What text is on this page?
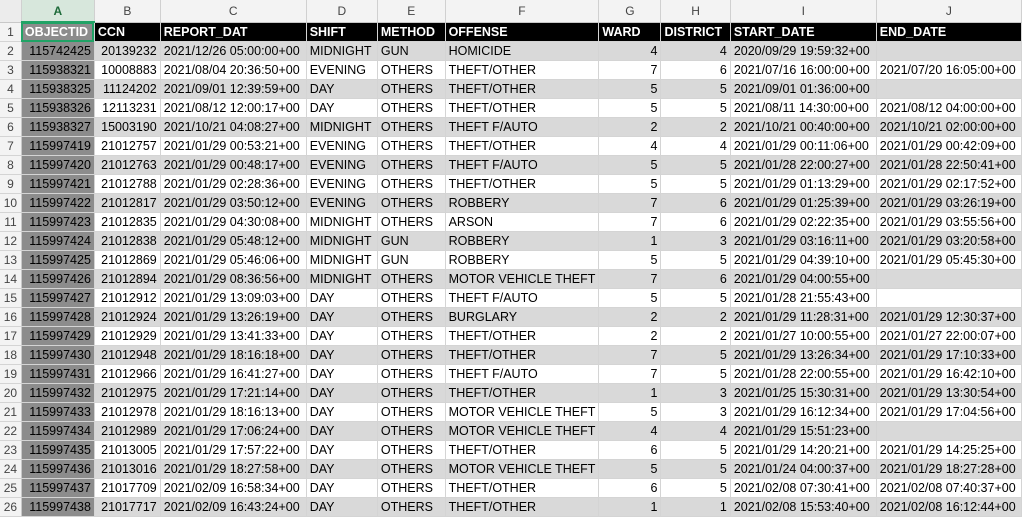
	A	B	C	D	E	F	G	H	I	J
1	OBJECTID	CCN	REPORT_DAT	SHIFT	METHOD	OFFENSE	WARD	DISTRICT	START_DATE	END_DATE
2	115742425	20139232	2021/12/26 05:00:00+00	MIDNIGHT	GUN	HOMICIDE	4	4	2020/09/29 19:59:32+00	
3	115938321	10008883	2021/08/04 20:36:50+00	EVENING	OTHERS	THEFT/OTHER	7	6	2021/07/16 16:00:00+00	2021/07/20 16:05:00+00
4	115938325	11124202	2021/09/01 12:39:59+00	DAY	OTHERS	THEFT/OTHER	5	5	2021/09/01 01:36:00+00	
5	115938326	12113231	2021/08/12 12:00:17+00	DAY	OTHERS	THEFT/OTHER	5	5	2021/08/11 14:30:00+00	2021/08/12 04:00:00+00
6	115938327	15003190	2021/10/21 04:08:27+00	MIDNIGHT	OTHERS	THEFT F/AUTO	2	2	2021/10/21 00:40:00+00	2021/10/21 02:00:00+00
7	115997419	21012757	2021/01/29 00:53:21+00	EVENING	OTHERS	THEFT/OTHER	4	4	2021/01/29 00:11:06+00	2021/01/29 00:42:09+00
8	115997420	21012763	2021/01/29 00:48:17+00	EVENING	OTHERS	THEFT F/AUTO	5	5	2021/01/28 22:00:27+00	2021/01/28 22:50:41+00
9	115997421	21012788	2021/01/29 02:28:36+00	EVENING	OTHERS	THEFT/OTHER	5	5	2021/01/29 01:13:29+00	2021/01/29 02:17:52+00
10	115997422	21012817	2021/01/29 03:50:12+00	EVENING	OTHERS	ROBBERY	7	6	2021/01/29 01:25:39+00	2021/01/29 03:26:19+00
11	115997423	21012835	2021/01/29 04:30:08+00	MIDNIGHT	OTHERS	ARSON	7	6	2021/01/29 02:22:35+00	2021/01/29 03:55:56+00
12	115997424	21012838	2021/01/29 05:48:12+00	MIDNIGHT	GUN	ROBBERY	1	3	2021/01/29 03:16:11+00	2021/01/29 03:20:58+00
13	115997425	21012869	2021/01/29 05:46:06+00	MIDNIGHT	GUN	ROBBERY	5	5	2021/01/29 04:39:10+00	2021/01/29 05:45:30+00
14	115997426	21012894	2021/01/29 08:36:56+00	MIDNIGHT	OTHERS	MOTOR VEHICLE THEFT	7	6	2021/01/29 04:00:55+00	
15	115997427	21012912	2021/01/29 13:09:03+00	DAY	OTHERS	THEFT F/AUTO	5	5	2021/01/28 21:55:43+00	
16	115997428	21012924	2021/01/29 13:26:19+00	DAY	OTHERS	BURGLARY	2	2	2021/01/29 11:28:31+00	2021/01/29 12:30:37+00
17	115997429	21012929	2021/01/29 13:41:33+00	DAY	OTHERS	THEFT/OTHER	2	2	2021/01/27 10:00:55+00	2021/01/27 22:00:07+00
18	115997430	21012948	2021/01/29 18:16:18+00	DAY	OTHERS	THEFT/OTHER	7	5	2021/01/29 13:26:34+00	2021/01/29 17:10:33+00
19	115997431	21012966	2021/01/29 16:41:27+00	DAY	OTHERS	THEFT F/AUTO	7	5	2021/01/28 22:00:55+00	2021/01/29 16:42:10+00
20	115997432	21012975	2021/01/29 17:21:14+00	DAY	OTHERS	THEFT/OTHER	1	3	2021/01/25 15:30:31+00	2021/01/29 13:30:54+00
21	115997433	21012978	2021/01/29 18:16:13+00	DAY	OTHERS	MOTOR VEHICLE THEFT	5	3	2021/01/29 16:12:34+00	2021/01/29 17:04:56+00
22	115997434	21012989	2021/01/29 17:06:24+00	DAY	OTHERS	MOTOR VEHICLE THEFT	4	4	2021/01/29 15:51:23+00	
23	115997435	21013005	2021/01/29 17:57:22+00	DAY	OTHERS	THEFT/OTHER	6	5	2021/01/29 14:20:21+00	2021/01/29 14:25:25+00
24	115997436	21013016	2021/01/29 18:27:58+00	DAY	OTHERS	MOTOR VEHICLE THEFT	5	5	2021/01/24 04:00:37+00	2021/01/29 18:27:28+00
25	115997437	21017709	2021/02/09 16:58:34+00	DAY	OTHERS	THEFT/OTHER	6	5	2021/02/08 07:30:41+00	2021/02/08 07:40:37+00
26	115997438	21017717	2021/02/09 16:43:24+00	DAY	OTHERS	THEFT/OTHER	1	1	2021/02/08 15:53:40+00	2021/02/08 16:12:44+00
